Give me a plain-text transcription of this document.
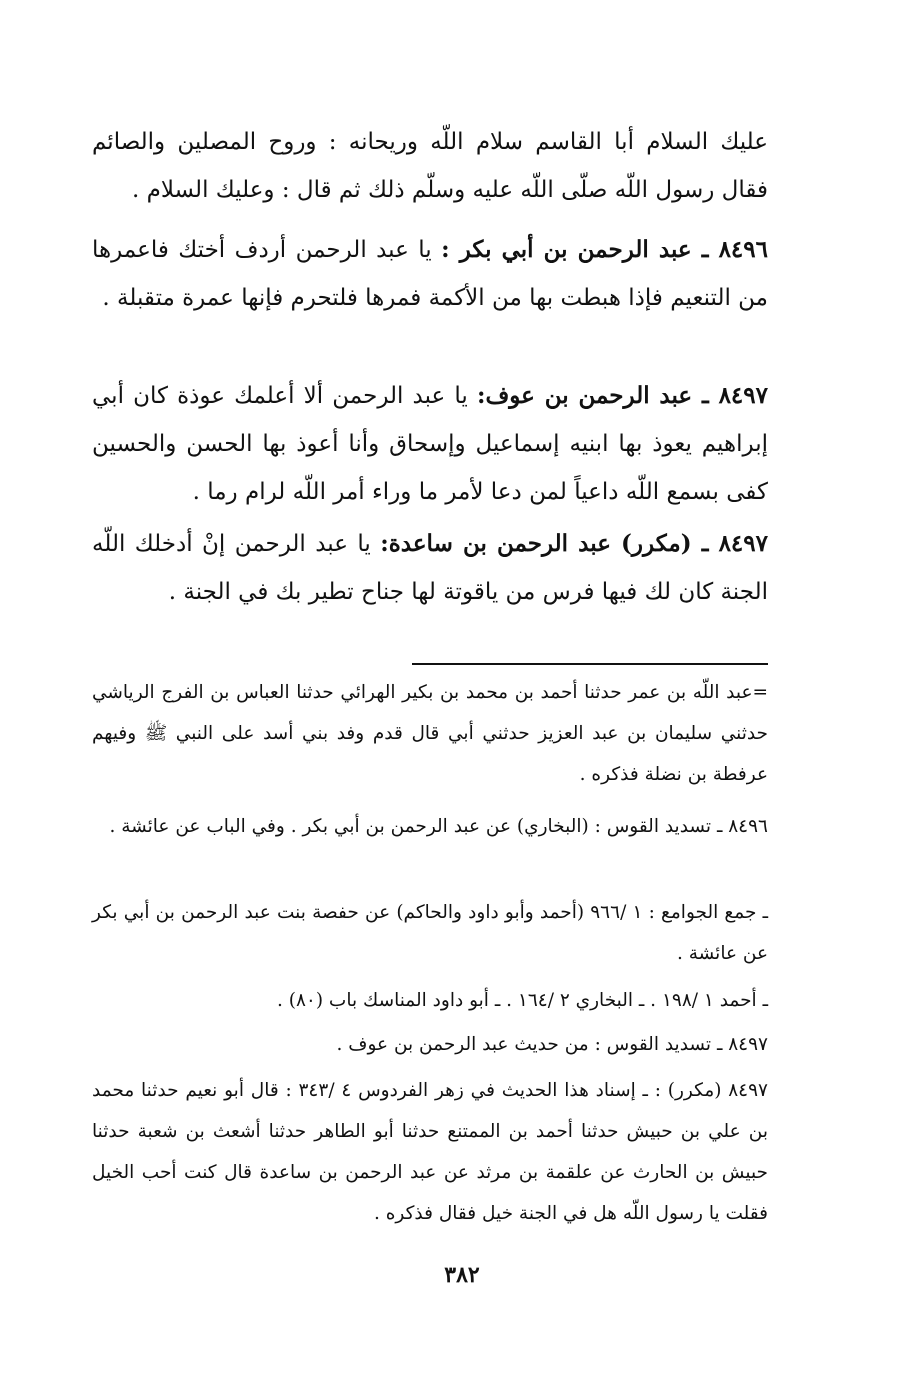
عليك السلام أبا القاسم سلام اللّه وريحانه : وروح المصلين والصائم فقال رسول اللّه صلّى اللّه عليه وسلّم ذلك ثم قال : وعليك السلام .

٨٤٩٦ ـ عبد الرحمن بن أبي بكر : يا عبد الرحمن أردف أختك فاعمرها من التنعيم فإذا هبطت بها من الأكمة فمرها فلتحرم فإنها عمرة متقبلة .

٨٤٩٧ ـ عبد الرحمن بن عوف: يا عبد الرحمن ألا أعلمك عوذة كان أبي إبراهيم يعوذ بها ابنيه إسماعيل وإسحاق وأنا أعوذ بها الحسن والحسين كفى بسمع اللّه داعياً لمن دعا لأمر ما وراء أمر اللّه لرام رما .

٨٤٩٧ ـ (مكرر) عبد الرحمن بن ساعدة: يا عبد الرحمن إنْ أدخلك اللّه الجنة كان لك فيها فرس من ياقوتة لها جناح تطير بك في الجنة .

=عبد اللّه بن عمر حدثنا أحمد بن محمد بن بكير الهرائي حدثنا العباس بن الفرج الرياشي حدثني سليمان بن عبد العزيز حدثني أبي قال قدم وفد بني أسد على النبي ﷺ وفيهم عرفطة بن نضلة فذكره .

٨٤٩٦ ـ تسديد القوس : (البخاري) عن عبد الرحمن بن أبي بكر . وفي الباب عن عائشة .

ـ جمع الجوامع : ١ /٩٦٦ (أحمد وأبو داود والحاكم) عن حفصة بنت عبد الرحمن بن أبي بكر عن عائشة .

ـ أحمد ١ /١٩٨ . ـ البخاري ٢ /١٦٤ . ـ أبو داود المناسك باب (٨٠) .

٨٤٩٧ ـ تسديد القوس : من حديث عبد الرحمن بن عوف .

٨٤٩٧ (مكرر) : ـ إسناد هذا الحديث في زهر الفردوس ٤ /٣٤٣ : قال أبو نعيم حدثنا محمد بن علي بن حبيش حدثنا أحمد بن الممتنع حدثنا أبو الطاهر حدثنا أشعث بن شعبة حدثنا حبيش بن الحارث عن علقمة بن مرثد عن عبد الرحمن بن ساعدة قال كنت أحب الخيل فقلت يا رسول اللّه هل في الجنة خيل فقال فذكره .

٣٨٢
